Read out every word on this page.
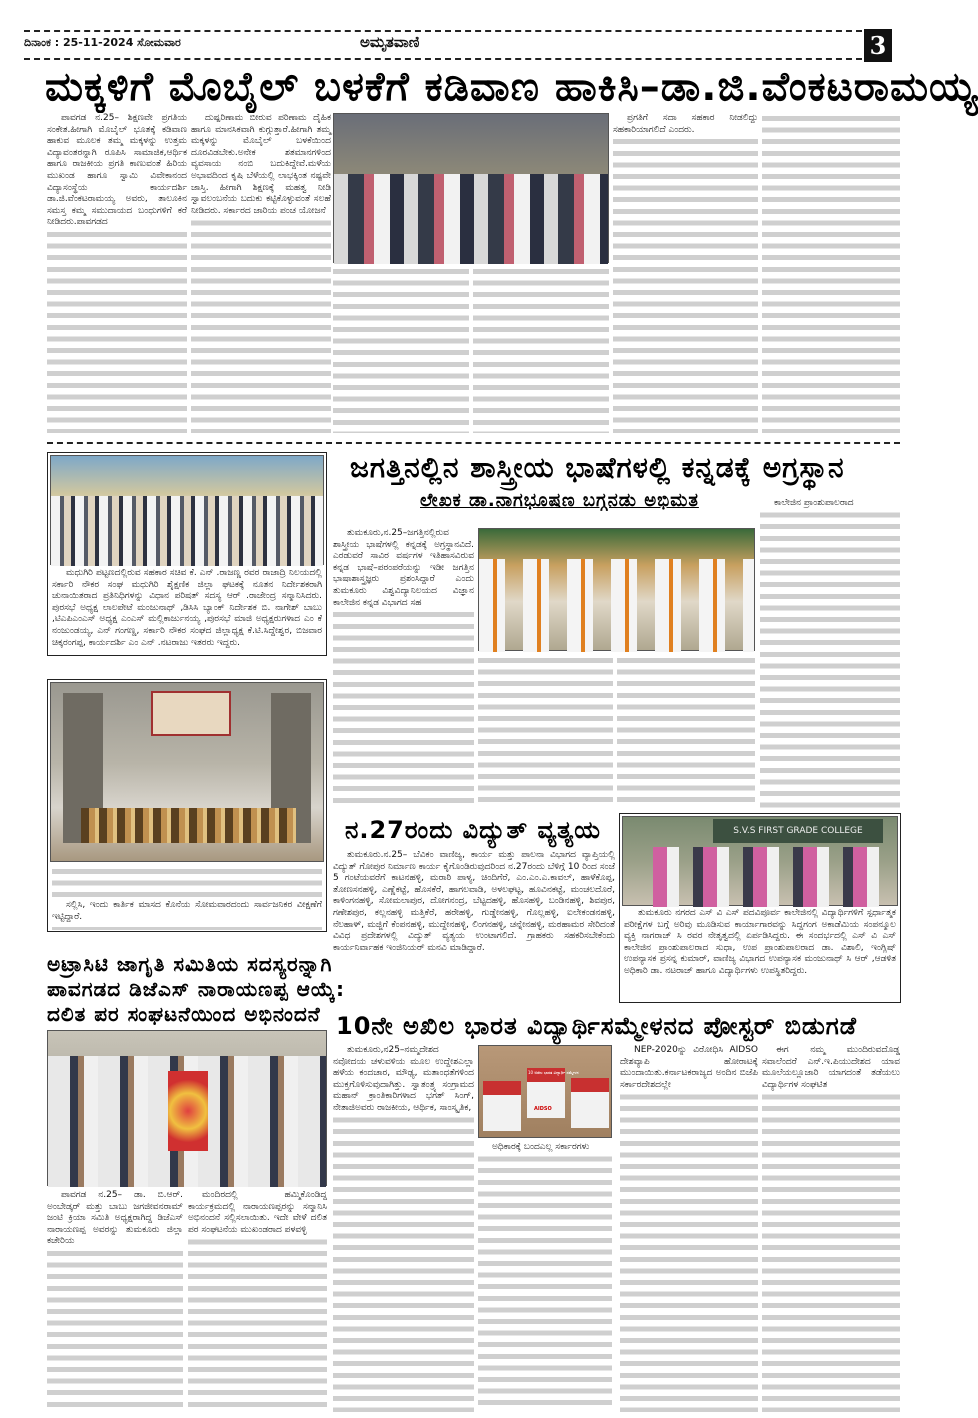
ದಿನಾಂಕ : 25-11-2024 ಸೋಮವಾರ	ಅಮೃತವಾಣಿ	3
ಮಕ್ಕಳಿಗೆ ಮೊಬೈಲ್ ಬಳಕೆಗೆ ಕಡಿವಾಣ ಹಾಕಿಸಿ–ಡಾ.ಜಿ.ವೆಂಕಟರಾಮಯ್ಯ

ಪಾವಗಡ ನ.25– ಶಿಕ್ಷಣವೇ ಪ್ರಗತಿಯ ಸಂಕೇತ.ಹೀಗಾಗಿ ಮೊಬೈಲ್ ಭೂತಕ್ಕೆ ಕಡಿವಾಣ ಹಾಕುವ ಮೂಲಕ ತಮ್ಮ ಮಕ್ಕಳನ್ನು ಉತ್ತಮ ವಿದ್ಯಾವಂತರನ್ನಾಗಿ ರೂಪಿಸಿ ಸಾಮಾಜಿಕ,ಆರ್ಥಿಕ ಹಾಗೂ ರಾಜಕೀಯ ಪ್ರಗತಿ ಕಾಣುವಂತೆ ಹಿರಿಯ ಮುಖಂಡ ಹಾಗೂ ಸ್ವಾಮಿ ವಿವೇಕಾನಂದ ವಿದ್ಯಾಸಂಸ್ಥೆಯ ಕಾರ್ಯದರ್ಶಿ ಡಾ.ಜಿ.ವೆಂಕಟರಾಮಯ್ಯ ಅವರು, ತಾಲೂಕಿನ ಸಮಸ್ತ ಕಮ್ಮ ಸಮುದಾಯದ ಬಂಧುಗಳಿಗೆ ಕರೆ ನೀಡಿದರು.ಪಾವಗಡದ

ದುಷ್ಪರಿಣಾಮ ಬೀರುವ ಪರಿಣಾಮ ದೈಹಿಕ ಹಾಗೂ ಮಾನಸಿಕವಾಗಿ ಕುಗ್ಗುತ್ತಾರೆ.ಹೀಗಾಗಿ ತಮ್ಮ ಮಕ್ಕಳನ್ನು ಮೊಬೈಲ್ ಬಳಕೆಯಿಂದ ದೂರವಿಡಬೇಕು.ಅನೇಕ ಶತಮಾನಗಳಿಂದ ವ್ಯವಸಾಯ ನಂಬಿ ಬದುಕಿದ್ದೇವೆ.ಮಳೆಯ ಅಭಾವದಿಂದ ಕೃಷಿ ಬೆಳೆಯಲ್ಲಿ ಲಾಭಕ್ಕಿಂತ ನಷ್ಟವೇ ಜಾಸ್ತಿ. ಹೀಗಾಗಿ ಶಿಕ್ಷಣಕ್ಕೆ ಮಹತ್ವ ನೀಡಿ ಸ್ವಾವಲಂಬನೆಯ ಬದುಕು ಕಟ್ಟಿಕೊಳ್ಳುವಂತೆ ಸಲಹೆ ನೀಡಿದರು. ಸರ್ಕಾರದ ಜಾರಿಯ ಪಂಚ ಯೋಜನೆ

ಪ್ರಗತಿಗೆ ಸದಾ ಸಹಕಾರ ನೀಡಲಿದ್ದು ಸಹಕಾರಿಯಾಗಲಿದೆ ಎಂದರು.

ಮಧುಗಿರಿ ಪಟ್ಟಣದಲ್ಲಿರುವ ಸಹಕಾರ ಸಚಿವ ಕೆ. ಎನ್ .ರಾಜಣ್ಣ ರವರ ರಾಜಾದ್ರಿ ನಿಲಯದಲ್ಲಿ ಸರ್ಕಾರಿ ನೌಕರ ಸಂಘ ಮಧುಗಿರಿ ಶೈಕ್ಷಣಿಕ ಜಿಲ್ಲಾ ಘಟಕಕ್ಕೆ ನೂತನ ನಿರ್ದೇಶಕರಾಗಿ ಚುನಾಯಿತರಾದ ಪ್ರತಿನಿಧಿಗಳನ್ನು ವಿಧಾನ ಪರಿಷತ್ ಸದಸ್ಯ ಆರ್ .ರಾಜೇಂದ್ರ ಸನ್ಮಾನಿಸಿದರು. ಪುರಸಭೆ ಅಧ್ಯಕ್ಷ ಲಾಲಪೇಟೆ ಮಂಜುನಾಥ್ ,ಡಿಸಿಸಿ ಬ್ಯಾಂಕ್ ನಿರ್ದೇಶಕ ಬಿ. ನಾಗೇಶ್ ಬಾಬು ,ಟಿಎಪಿಎಂಎಸ್ ಅಧ್ಯಕ್ಷ ಎಂಎಸ್ ಮಲ್ಲಿಕಾರ್ಜುನಯ್ಯ ,ಪುರಸಭೆ ಮಾಜಿ ಅಧ್ಯಕ್ಷರುಗಳಾದ ಎಂ ಕೆ ನಂಜುಂಡಯ್ಯ, ಎನ್ ಗಂಗಣ್ಣ, ಸರ್ಕಾರಿ ನೌಕರ ಸಂಘದ ಜಿಲ್ಲಾಧ್ಯಕ್ಷ ಕೆ.ಟಿ.ಸಿದ್ದೇಶ್ವರ, ಬಿಜವಾರ ಚಿಕ್ಕರಂಗಪ್ಪ, ಕಾರ್ಯದರ್ಶಿ ಎಂ ಎನ್ .ನಟರಾಜು ಇತರರು ಇದ್ದರು.
ಸಲ್ಲಿಸಿ, ಇಂದು ಕಾರ್ತಿಕ ಮಾಸದ ಕೊನೆಯ ಸೋಮವಾರದಂದು ಸಾರ್ವಜನಿಕರ ವೀಕ್ಷಣೆಗೆ ಇಟ್ಟಿದ್ದಾರೆ.
ಅಟ್ರಾಸಿಟಿ ಜಾಗೃತಿ ಸಮಿತಿಯ ಸದಸ್ಯರನ್ನಾಗಿ
ಪಾವಗಡದ ಡಿಜೆಎಸ್ ನಾರಾಯಣಪ್ಪ ಆಯ್ಕೆ:
ದಲಿತ ಪರ ಸಂಘಟನೆಯಿಂದ ಅಭಿನಂದನೆ

ಪಾವಗಡ ನ.25– ಡಾ. ಬಿ.ಆರ್. ಅಂಬೇಡ್ಕರ್ ಮತ್ತು ಬಾಬು ಜಗಜೀವನರಾಮ್ ಜಂಟಿ ಕ್ರಿಯಾ ಸಮಿತಿ ಅಧ್ಯಕ್ಷರಾಗಿದ್ದ ಡಿಜೆಎಸ್ ನಾರಾಯಣಪ್ಪ ಅವರನ್ನು ತುಮಕೂರು ಜಿಲ್ಲಾ ಕಚೇರಿಯ

ಮಂದಿರದಲ್ಲಿ ಹಮ್ಮಿಕೊಂಡಿದ್ದ ಕಾರ್ಯಕ್ರಮದಲ್ಲಿ ನಾರಾಯಣಪ್ಪರನ್ನು ಸನ್ಮಾನಿಸಿ ಅಭಿನಂದನೆ ಸಲ್ಲಿಸಲಾಯಿತು. ಇದೇ ವೇಳೆ ದಲಿತ ಪರ ಸಂಘಟನೆಯ ಮುಖಂಡರಾದ ಪಳವಳ್ಳಿ

ಜಗತ್ತಿನಲ್ಲಿನ ಶಾಸ್ತ್ರೀಯ ಭಾಷೆಗಳಲ್ಲಿ ಕನ್ನಡಕ್ಕೆ ಅಗ್ರಸ್ಥಾನ
ಲೇಖಕ ಡಾ.ನಾಗಭೂಷಣ ಬಗ್ಗನಡು ಅಭಿಮತ

ತುಮಕೂರು,ನ.25–ಜಗತ್ತಿನಲ್ಲಿರುವ ಶಾಸ್ತ್ರೀಯ ಭಾಷೆಗಳಲ್ಲಿ ಕನ್ನಡಕ್ಕೆ ಅಗ್ರಸ್ಥಾನವಿದೆ. ಎರಡುವರೆ ಸಾವಿರ ವರ್ಷಗಳ ಇತಿಹಾಸವಿರುವ ಕನ್ನಡ ಭಾಷೆ–ಪರಂಪರೆಯನ್ನು ಇಡೀ ಜಗತ್ತಿನ ಭಾಷಾಶಾಸ್ತ್ರಜ್ಞರು ಪ್ರಶಂಸಿದ್ದಾರೆ ಎಂದು ತುಮಕೂರು ವಿಶ್ವವಿದ್ಯಾನಿಲಯದ ವಿಜ್ಞಾನ ಕಾಲೇಜಿನ ಕನ್ನಡ ವಿಭಾಗದ ಸಹ

ಕಾಲೇಜಿನ ಪ್ರಾಂಶುಪಾಲರಾದ

ನ.27ರಂದು ವಿದ್ಯುತ್ ವ್ಯತ್ಯಯ
ತುಮಕೂರು.ನ.25– ಬೆವಿಕಂ ವಾಣಿಜ್ಯ, ಕಾರ್ಯ ಮತ್ತು ಪಾಲನಾ ವಿಭಾಗದ ವ್ಯಾಪ್ತಿಯಲ್ಲಿ ವಿದ್ಯುತ್ ಗೋಪುರ ನಿರ್ಮಾಣ ಕಾರ್ಯ ಕೈಗೊಂಡಿರುವುದರಿಂದ ನ.27ರಂದು ಬೆಳಿಗ್ಗೆ 10 ರಿಂದ ಸಂಜೆ 5 ಗಂಟೆಯವರೆಗೆ ಕಾಟನಹಳ್ಳಿ, ಮರಾಠಿ ಪಾಳ್ಯ, ಚಿಂದಿಗೆರೆ, ಎಂ.ಎಂ.ಎ.ಕಾವಲ್, ಹಾಳೆಕೊಪ್ಪ, ತೋಣಸನಹಳ್ಳಿ, ಎಣ್ಣೆಕಟ್ಟೆ, ಹೊಸಕೆರೆ, ಹಾಗಲವಾಡಿ, ಅಳಲಘಟ್ಟ, ಹೂವಿನಕಟ್ಟೆ, ಮಂಚಲದೊರೆ, ಕಾಳಿಂಗನಹಳ್ಳಿ, ಸೋಮಲಾಪುರ, ದೋಗನಂದ್ರ, ಬೆಟ್ಟದಹಳ್ಳಿ, ಹೊಸಹಳ್ಳಿ, ಬಂಡಿನಹಳ್ಳಿ, ಶಿವಪುರ, ಗಣೇಶಪುರ, ಕಲ್ಲನಹಳ್ಳಿ ಮತ್ತಿಕೆರೆ, ಹರೇಹಳ್ಳಿ, ಗುಡ್ಡೇನಹಳ್ಳಿ, ಗೊಲ್ಲಹಳ್ಳಿ, ಐಲೇಕಂಡನಹಳ್ಳಿ, ನೆಲಹಾಳ್, ಮಜ್ಜಿಗೆ ಕೆಂಪನಹಳ್ಳಿ, ಮುದ್ದೇನಹಳ್ಳಿ, ಲಿಂಗನಹಳ್ಳಿ, ಚನ್ನೇನಹಳ್ಳಿ, ಮಠಹಾಮರ ಸೇರಿದಂತೆ ವಿವಿಧ ಪ್ರದೇಶಗಳಲ್ಲಿ ವಿದ್ಯುತ್ ವ್ಯತ್ಯಯ ಉಂಟಾಗಲಿದೆ. ಗ್ರಾಹಕರು ಸಹಕರಿಸಬೇಕೆಂದು ಕಾರ್ಯನಿರ್ವಾಹಕ ಇಂಜಿನಿಯರ್ ಮನವಿ ಮಾಡಿದ್ದಾರೆ.
S.V.S FIRST GRADE COLLEGE
ತುಮಕೂರು ನಗರದ ಎಸ್ ವಿ ಎಸ್ ಪದವಿಪೂರ್ವ ಕಾಲೇಜಿನಲ್ಲಿ ವಿದ್ಯಾರ್ಥಿಗಳಿಗೆ ಸ್ಪರ್ಧಾತ್ಮಕ ಪರೀಕ್ಷೆಗಳ ಬಗ್ಗೆ ಅರಿವು ಮೂಡಿಸುವ ಕಾರ್ಯಾಗಾರವನ್ನು ಸಿದ್ದಗಂಗ ಅಕಾಡೆಮಿಯ ಸಂಪನ್ಮೂಲ ವ್ಯಕ್ತಿ ನಾಗರಾಜ್ ಸಿ ರವರ ನೇತೃತ್ವದಲ್ಲಿ ಏರ್ಪಡಿಸಿದ್ದರು. ಈ ಸಂದರ್ಭದಲ್ಲಿ ಎಸ್ ವಿ ಎಸ್ ಕಾಲೇಜಿನ ಪ್ರಾಂಶುಪಾಲರಾದ ಸುಧಾ, ಉಪ ಪ್ರಾಂಶುಪಾಲರಾದ ಡಾ. ವಿಶಾಲಿ, ಇಂಗ್ಲಿಷ್ ಉಪನ್ಯಾಸಕ ಪ್ರಸನ್ನ ಕುಮಾರ್, ವಾಣಿಜ್ಯ ವಿಭಾಗದ ಉಪನ್ಯಾಸಕ ಮಂಜುನಾಥ್ ಸಿ ಆರ್ ,ಆಡಳಿತ ಅಧಿಕಾರಿ ಡಾ. ನಟರಾಜ್ ಹಾಗೂ ವಿದ್ಯಾರ್ಥಿಗಳು ಉಪಸ್ಥಿತರಿದ್ದರು.
10ನೇ ಅಖಿಲ ಭಾರತ ವಿದ್ಯಾರ್ಥಿಸಮ್ಮೇಳನದ ಪೋಸ್ಟರ್ ಬಿಡುಗಡೆ

ತುಮಕೂರು,ನ25–ನಮ್ಮದೇಶದ ನವೋದಯ ಚಳುವಳಿಯ ಮೂಲ ಉದ್ದೇಶಎಲ್ಲಾ ಹಳೆಯ ಕಂದಚಾರ, ಮೌಢ್ಯ, ಮತಾಂಧತೆಗಳಿಂದ ಮುಕ್ತಗೊಳಿಸುವುದಾಗಿತ್ತು. ಸ್ವಾತಂತ್ರ್ಯ ಸಂಗ್ರಾಮದ ಮಹಾನ್ ಕ್ರಾಂತಿಕಾರಿಗಳಾದ ಭಗತ್ ಸಿಂಗ್, ನೇತಾಜಿಅವರು ರಾಜಕೀಯ, ಆರ್ಥಿಕ, ಸಾಂಸ್ಕೃತಿಕ,

10 ಅಖಿಲ ಭಾರತ ವಿದ್ಯಾರ್ಥಿ ಸಮ್ಮೇಳನ
AIDSO

ಅಧಿಕಾರಕ್ಕೆ ಬಂದಎಲ್ಲ ಸರ್ಕಾರಗಳು

NEP-2020ನ್ನು ವಿರೋಧಿಸಿ AIDSO ದೇಶವ್ಯಾಪಿ ಹೋರಾಟಕ್ಕೆ ಮುಂದಾಯಿತು.ಕರ್ನಾಟಕರಾಜ್ಯದ ಅಂದಿನ ಬಿಜೆಪಿ ಸರ್ಕಾರದೇಶದಲ್ಲೇ

ಈಗ ನಮ್ಮ ಮುಂದಿರುವದೊಡ್ಡ ಸವಾಲೆಂದರೆ ಎನ್.ಇ.ಪಿಯುದೇಶದ ಯಾವ ಮೂಲೆಯಲ್ಲೂಜಾರಿ ಯಾಗದಂತೆ ತಡೆಯಲು ವಿದ್ಯಾರ್ಥಿಗಳ ಸಂಘಟಿತ
